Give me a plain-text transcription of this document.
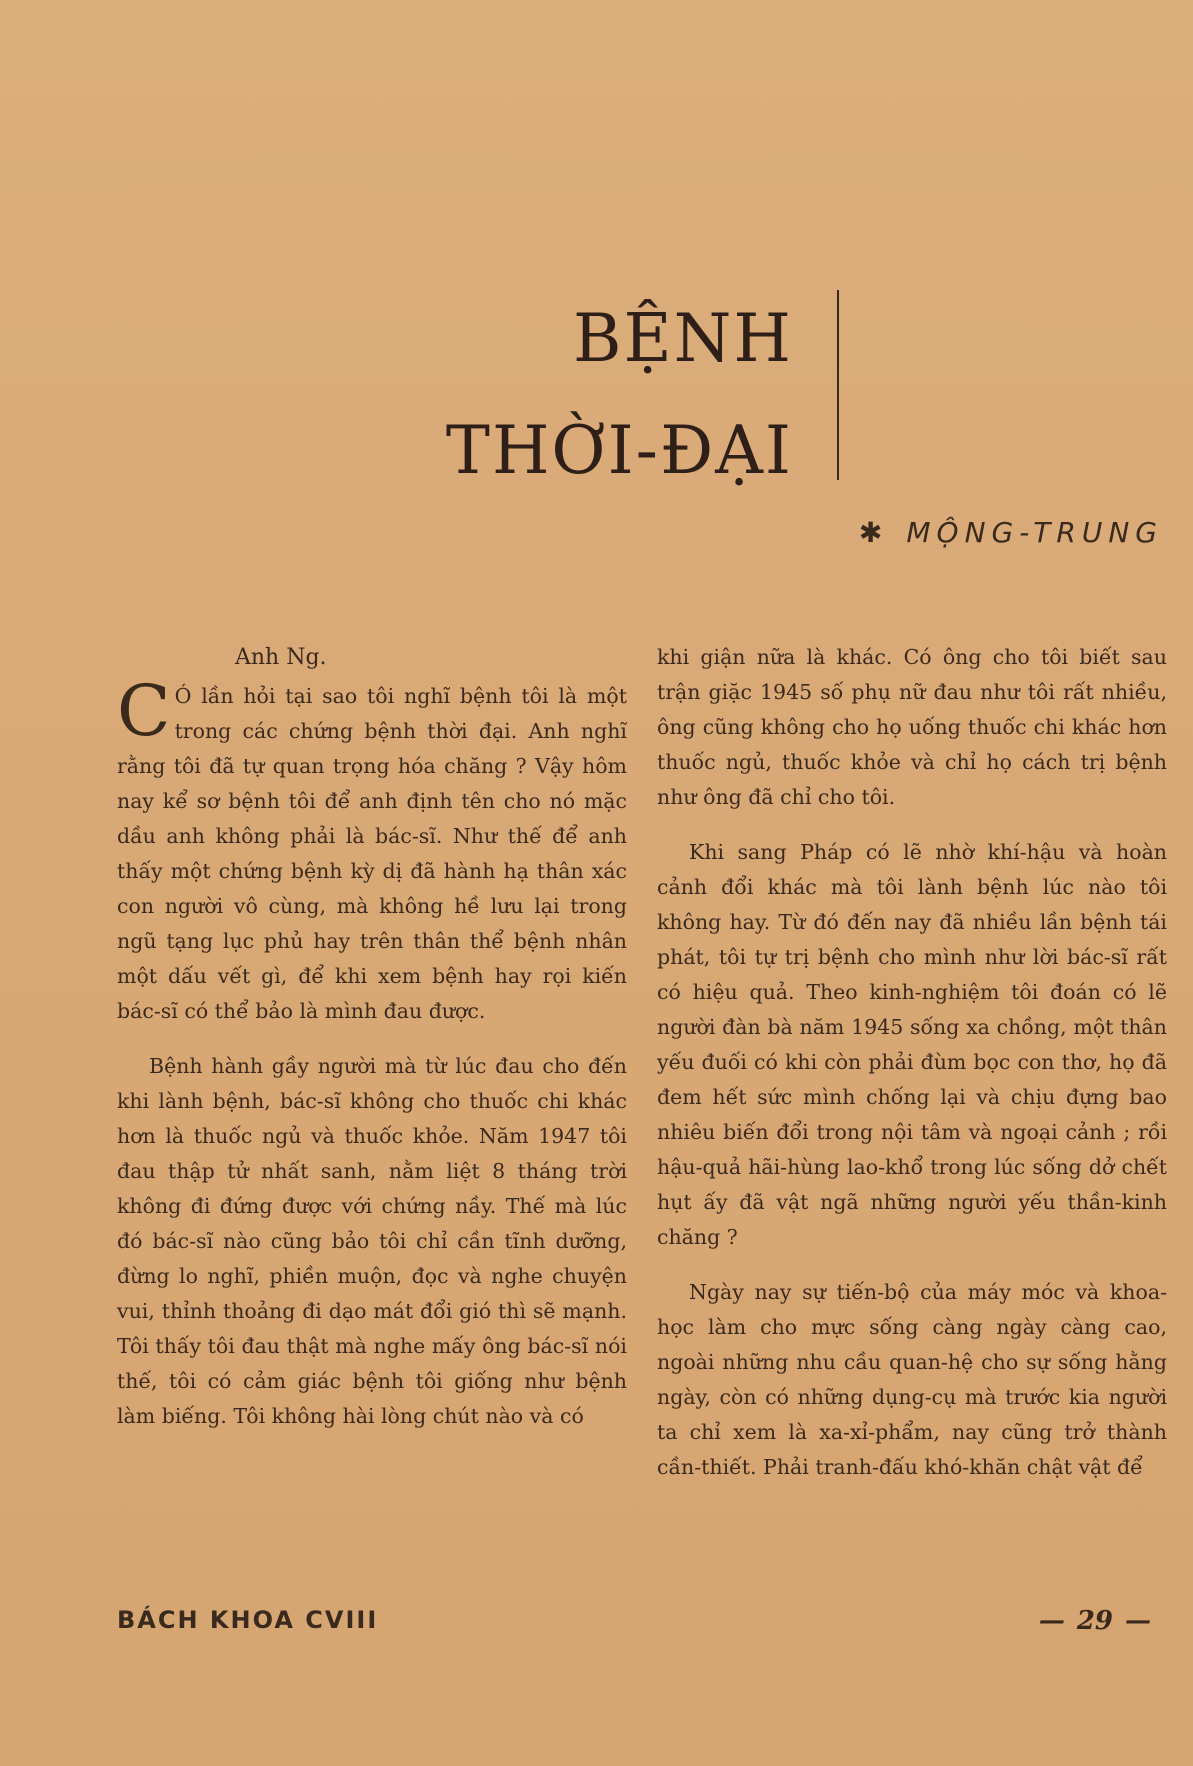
BỆNH
THỜI-ĐẠI
✱ MỘNG-TRUNG

Anh Ng.

C Ó lần hỏi tại sao tôi nghĩ bệnh tôi là một trong các chứng bệnh thời đại. Anh nghĩ rằng tôi đã tự quan trọng hóa chăng ? Vậy hôm nay kể sơ bệnh tôi để anh định tên cho nó mặc dầu anh không phải là bác-sĩ. Như thế để anh thấy một chứng bệnh kỳ dị đã hành hạ thân xác con người vô cùng, mà không hề lưu lại trong ngũ tạng lục phủ hay trên thân thể bệnh nhân một dấu vết gì, để khi xem bệnh hay rọi kiến bác-sĩ có thể bảo là mình đau được.

Bệnh hành gầy người mà từ lúc đau cho đến khi lành bệnh, bác-sĩ không cho thuốc chi khác hơn là thuốc ngủ và thuốc khỏe. Năm 1947 tôi đau thập tử nhất sanh, nằm liệt 8 tháng trời không đi đứng được với chứng nầy. Thế mà lúc đó bác-sĩ nào cũng bảo tôi chỉ cần tĩnh dưỡng, đừng lo nghĩ, phiền muộn, đọc và nghe chuyện vui, thỉnh thoảng đi dạo mát đổi gió thì sẽ mạnh. Tôi thấy tôi đau thật mà nghe mấy ông bác-sĩ nói thế, tôi có cảm giác bệnh tôi giống như bệnh làm biếng. Tôi không hài lòng chút nào và có

khi giận nữa là khác. Có ông cho tôi biết sau trận giặc 1945 số phụ nữ đau như tôi rất nhiều, ông cũng không cho họ uống thuốc chi khác hơn thuốc ngủ, thuốc khỏe và chỉ họ cách trị bệnh như ông đã chỉ cho tôi.

Khi sang Pháp có lẽ nhờ khí-hậu và hoàn cảnh đổi khác mà tôi lành bệnh lúc nào tôi không hay. Từ đó đến nay đã nhiều lần bệnh tái phát, tôi tự trị bệnh cho mình như lời bác-sĩ rất có hiệu quả. Theo kinh-nghiệm tôi đoán có lẽ người đàn bà năm 1945 sống xa chồng, một thân yếu đuối có khi còn phải đùm bọc con thơ, họ đã đem hết sức mình chống lại và chịu đựng bao nhiêu biến đổi trong nội tâm và ngoại cảnh ; rồi hậu-quả hãi-hùng lao-khổ trong lúc sống dở chết hụt ấy đã vật ngã những người yếu thần-kinh chăng ?

Ngày nay sự tiến-bộ của máy móc và khoa-học làm cho mực sống càng ngày càng cao, ngoài những nhu cầu quan-hệ cho sự sống hằng ngày, còn có những dụng-cụ mà trước kia người ta chỉ xem là xa-xỉ-phẩm, nay cũng trở thành cần-thiết. Phải tranh-đấu khó-khăn chật vật để

BÁCH KHOA CVIII	— 29 —
